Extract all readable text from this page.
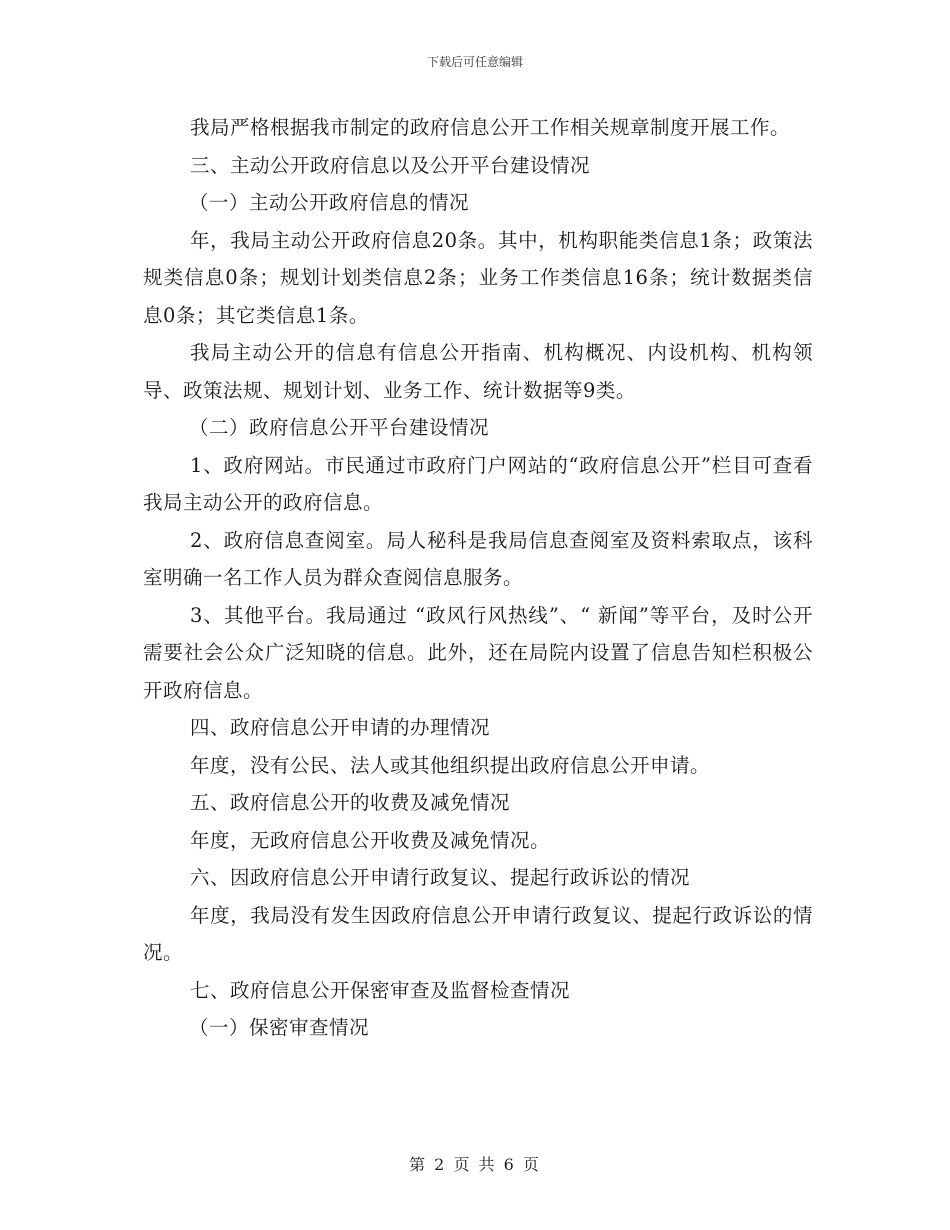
下载后可任意编辑

我局严格根据我市制定的政府信息公开工作相关规章制度开展工作。

三、主动公开政府信息以及公开平台建设情况

（一）主动公开政府信息的情况

年，我局主动公开政府信息20条。其中，机构职能类信息1条；政策法规类信息0条；规划计划类信息2条；业务工作类信息16条；统计数据类信息0条；其它类信息1条。

我局主动公开的信息有信息公开指南、机构概况、内设机构、机构领导、政策法规、规划计划、业务工作、统计数据等9类。

（二）政府信息公开平台建设情况

1、政府网站。市民通过市政府门户网站的“政府信息公开”栏目可查看我局主动公开的政府信息。

2、政府信息查阅室。局人秘科是我局信息查阅室及资料索取点，该科室明确一名工作人员为群众查阅信息服务。

3、其他平台。我局通过 “政风行风热线”、“ 新闻”等平台，及时公开需要社会公众广泛知晓的信息。此外，还在局院内设置了信息告知栏积极公开政府信息。

四、政府信息公开申请的办理情况

年度，没有公民、法人或其他组织提出政府信息公开申请。

五、政府信息公开的收费及减免情况

年度，无政府信息公开收费及减免情况。

六、因政府信息公开申请行政复议、提起行政诉讼的情况

年度，我局没有发生因政府信息公开申请行政复议、提起行政诉讼的情况。

七、政府信息公开保密审查及监督检查情况

（一）保密审查情况

第 2 页 共 6 页
